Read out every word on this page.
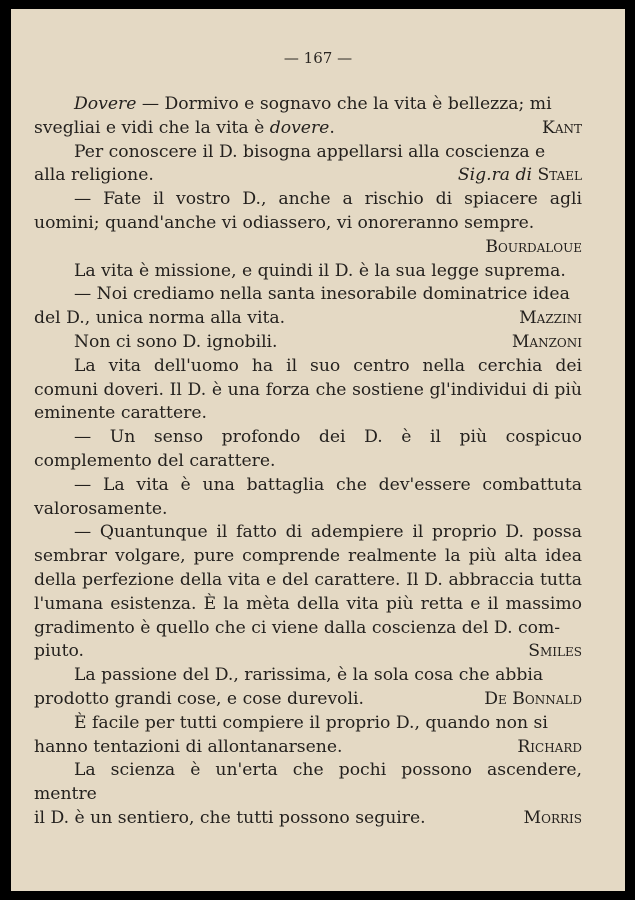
— 167 —

Dovere — Dormivo e sognavo che la vita è bellezza; mi

svegliai e vidi che la vita è dovere.	Kant

Per conoscere il D. bisogna appellarsi alla coscienza e

alla religione.	Sig.ra di Stael

— Fate il vostro D., anche a rischio di spiacere agli uomini; quand'anche vi odiassero, vi onoreranno sempre.

Bourdaloue

La vita è missione, e quindi il D. è la sua legge suprema.

— Noi crediamo nella santa inesorabile dominatrice idea

del D., unica norma alla vita.	Mazzini
Non ci sono D. ignobili.	Manzoni

La vita dell'uomo ha il suo centro nella cerchia dei comuni doveri. Il D. è una forza che sostiene gl'individui di più eminente carattere.

— Un senso profondo dei D. è il più cospicuo complemento del carattere.

— La vita è una battaglia che dev'essere combattuta valorosamente.

— Quantunque il fatto di adempiere il proprio D. possa sembrar volgare, pure comprende realmente la più alta idea della perfezione della vita e del carattere. Il D. abbraccia tutta l'umana esistenza. È la mèta della vita più retta e il massimo gradimento è quello che ci viene dalla coscienza del D. com-

piuto.	Smiles

La passione del D., rarissima, è la sola cosa che abbia

prodotto grandi cose, e cose durevoli.	De Bonnald

È facile per tutti compiere il proprio D., quando non si

hanno tentazioni di allontanarsene.	Richard

La scienza è un'erta che pochi possono ascendere, mentre

il D. è un sentiero, che tutti possono seguire.	Morris
